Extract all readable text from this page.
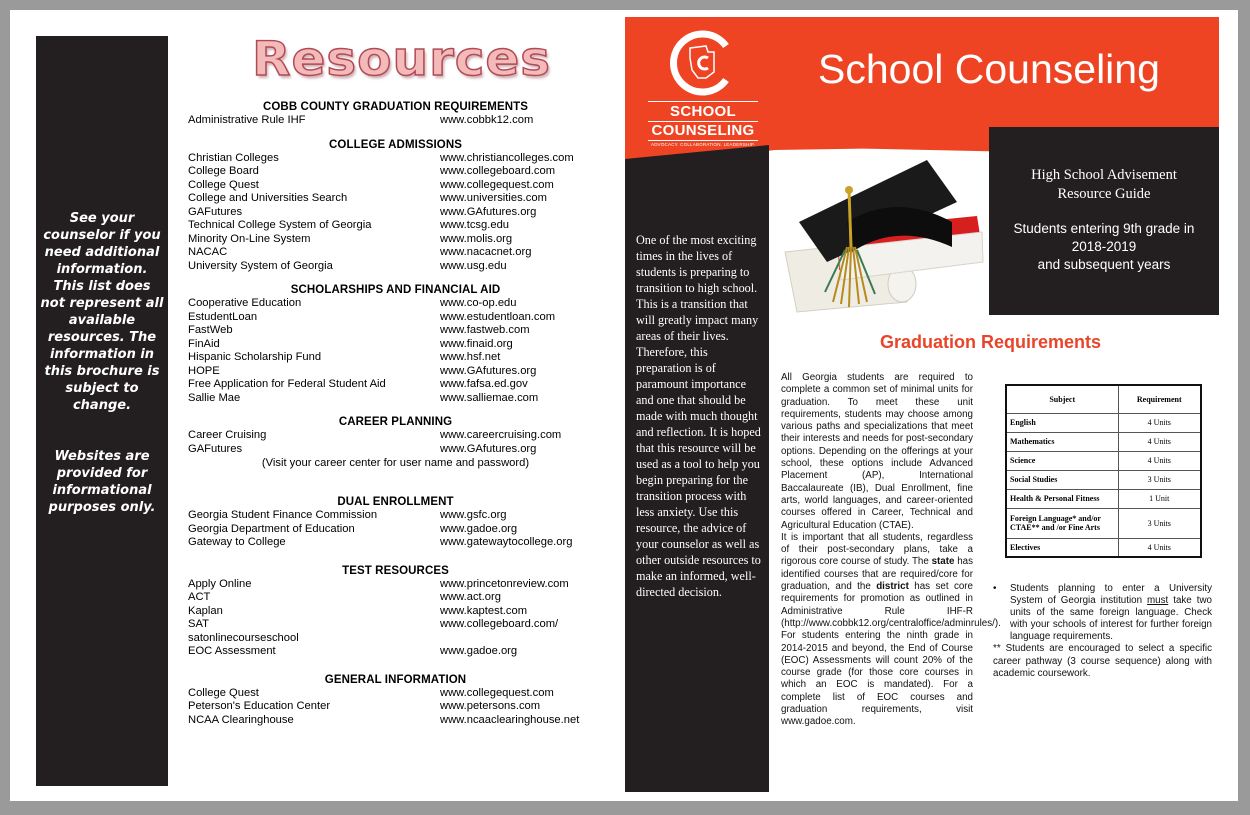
See your counselor if you need additional information. This list does not represent all available resources. The information in this brochure is subject to change.

Websites are provided for informational purposes only.

Resources
COBB COUNTY GRADUATION REQUIREMENTS
Administrative Rule IHF	www.cobbk12.com
COLLEGE ADMISSIONS
Christian Colleges	www.christiancolleges.com
College Board	www.collegeboard.com
College Quest	www.collegequest.com
College and Universities Search	www.universities.com
GAFutures	www.GAfutures.org
Technical College System of Georgia	www.tcsg.edu
Minority On-Line System	www.molis.org
NACAC	www.nacacnet.org
University System of Georgia	www.usg.edu
SCHOLARSHIPS AND FINANCIAL AID
Cooperative Education	www.co-op.edu
EstudentLoan	www.estudentloan.com
FastWeb	www.fastweb.com
FinAid	www.finaid.org
Hispanic Scholarship Fund	www.hsf.net
HOPE	www.GAfutures.org
Free Application for Federal Student Aid	www.fafsa.ed.gov
Sallie Mae	www.salliemae.com
CAREER PLANNING
Career Cruising	www.careercruising.com
GAFutures	www.GAfutures.org
(Visit your career center for user name and password)
DUAL ENROLLMENT
Georgia Student Finance Commission	www.gsfc.org
Georgia Department of Education	www.gadoe.org
Gateway to College	www.gatewaytocollege.org
TEST RESOURCES
Apply Online	www.princetonreview.com
ACT	www.act.org
Kaplan	www.kaptest.com
SAT	www.collegeboard.com/
satonlinecourseschool
EOC Assessment	www.gadoe.org
GENERAL INFORMATION
College Quest	www.collegequest.com
Peterson's Education Center	www.petersons.com
NCAA Clearinghouse	www.ncaaclearinghouse.net
SCHOOL
COUNSELING
ADVOCACY. COLLABORATION. LEADERSHIP.
School Counseling
High School Advisement
Resource Guide
Students entering 9th grade in
2018-2019
and subsequent years
One of the most exciting times in the lives of students is preparing to transition to high school. This is a transition that will greatly impact many areas of their lives. Therefore, this preparation is of paramount importance and one that should be made with much thought and reflection. It is hoped that this resource will be used as a tool to help you begin preparing for the transition process with less anxiety. Use this resource, the advice of your counselor as well as other outside resources to make an informed, well-directed decision.
Graduation Requirements

All Georgia students are required to complete a common set of minimal units for graduation. To meet these unit requirements, students may choose among various paths and specializations that meet their interests and needs for post-secondary options. Depending on the offerings at your school, these options include Advanced Placement (AP), International Baccalaureate (IB), Dual Enrollment, fine arts, world languages, and career-oriented courses offered in Career, Technical and Agricultural Education (CTAE).

It is important that all students, regardless of their post-secondary plans, take a rigorous core course of study. The state has identified courses that are required/core for graduation, and the district has set core requirements for promotion as outlined in Administrative Rule IHF-R (http://www.cobbk12.org/centraloffice/adminrules/).

For students entering the ninth grade in 2014-2015 and beyond, the End of Course (EOC) Assessments will count 20% of the course grade (for those core courses in which an EOC is mandated). For a complete list of EOC courses and graduation requirements, visit www.gadoe.com.

Subject	Requirement
English	4 Units
Mathematics	4 Units
Science	4 Units
Social Studies	3 Units
Health & Personal Fitness	1 Unit
Foreign Language* and/or CTAE** and /or Fine Arts	3 Units
Electives	4 Units
•	Students planning to enter a University System of Georgia institution must take two units of the same foreign language. Check with your schools of interest for further foreign language requirements.
** Students are encouraged to select a specific career pathway (3 course sequence) along with academic coursework.
